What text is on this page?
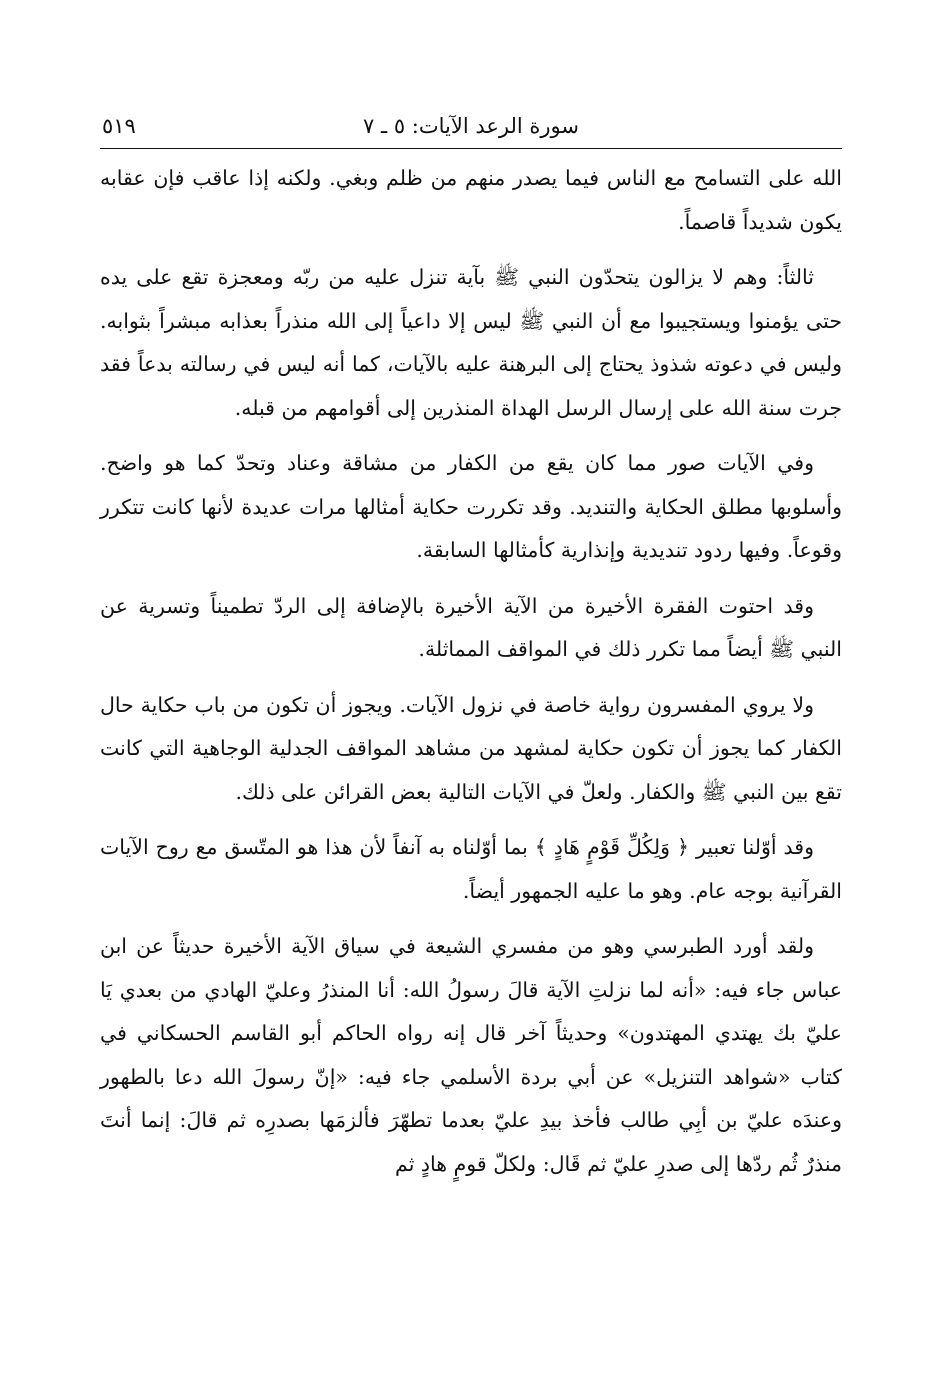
سورة الرعد الآيات: ٥ ـ ٧
٥١٩

الله على التسامح مع الناس فيما يصدر منهم من ظلم وبغي. ولكنه إذا عاقب فإن عقابه يكون شديداً قاصماً.

ثالثاً: وهم لا يزالون يتحدّون النبي ﷺ بآية تنزل عليه من ربّه ومعجزة تقع على يده حتى يؤمنوا ويستجيبوا مع أن النبي ﷺ ليس إلا داعياً إلى الله منذراً بعذابه مبشراً بثوابه. وليس في دعوته شذوذ يحتاج إلى البرهنة عليه بالآيات، كما أنه ليس في رسالته بدعاً فقد جرت سنة الله على إرسال الرسل الهداة المنذرين إلى أقوامهم من قبله.

وفي الآيات صور مما كان يقع من الكفار من مشاقة وعناد وتحدّ كما هو واضح. وأسلوبها مطلق الحكاية والتنديد. وقد تكررت حكاية أمثالها مرات عديدة لأنها كانت تتكرر وقوعاً. وفيها ردود تنديدية وإنذارية كأمثالها السابقة.

وقد احتوت الفقرة الأخيرة من الآية الأخيرة بالإضافة إلى الردّ تطميناً وتسرية عن النبي ﷺ أيضاً مما تكرر ذلك في المواقف المماثلة.

ولا يروي المفسرون رواية خاصة في نزول الآيات. ويجوز أن تكون من باب حكاية حال الكفار كما يجوز أن تكون حكاية لمشهد من مشاهد المواقف الجدلية الوجاهية التي كانت تقع بين النبي ﷺ والكفار. ولعلّ في الآيات التالية بعض القرائن على ذلك.

وقد أوّلنا تعبير ﴿ وَلِكُلِّ قَوْمٍ هَادٍ ﴾ بما أوّلناه به آنفاً لأن هذا هو المتّسق مع روح الآيات القرآنية بوجه عام. وهو ما عليه الجمهور أيضاً.

ولقد أورد الطبرسي وهو من مفسري الشيعة في سياق الآية الأخيرة حديثاً عن ابن عباس جاء فيه: «أنه لما نزلتِ الآية قالَ رسولُ الله: أنا المنذرُ وعليّ الهادي من بعدي يَا عليّ بك يهتدي المهتدون» وحديثاً آخر قال إنه رواه الحاكم أبو القاسم الحسكاني في كتاب «شواهد التنزيل» عن أبي بردة الأسلمي جاء فيه: «إنّ رسولَ الله دعا بالطهور وعندَه عليّ بن أبِي طالب فأخذ بيدِ عليّ بعدما تطهّرَ فألزمَها بصدرِه ثم قالَ: إنما أنتَ منذرٌ ثُم ردّها إلى صدرِ عليّ ثم قَال: ولكلّ قومٍ هادٍ ثم
